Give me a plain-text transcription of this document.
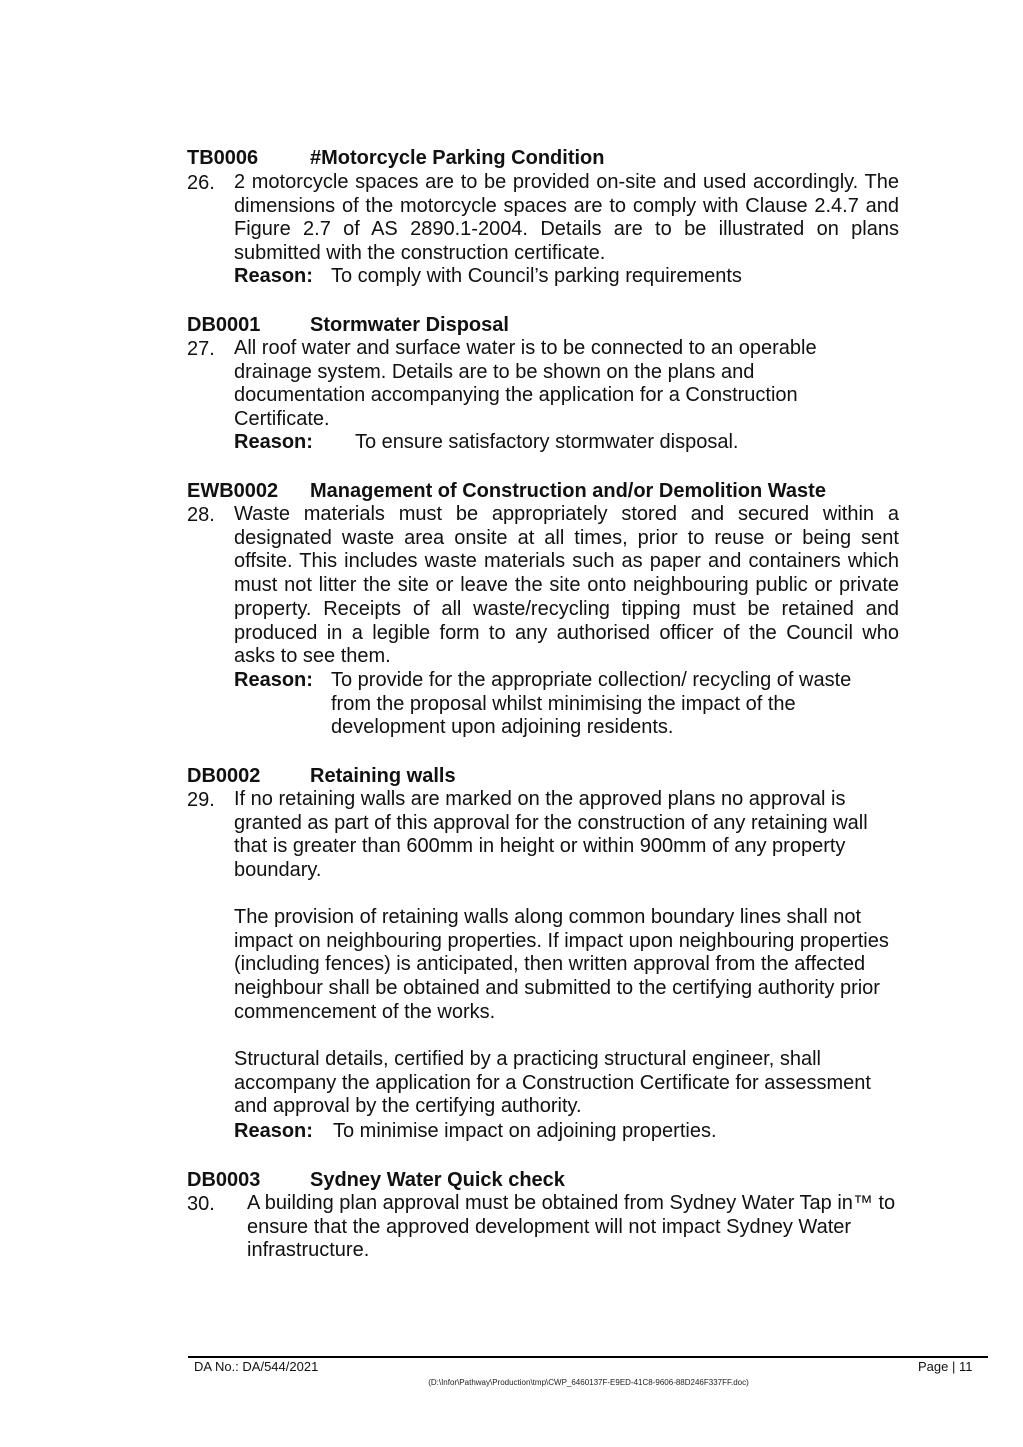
TB0006	#Motorcycle Parking Condition
26. 2 motorcycle spaces are to be provided on-site and used accordingly. The dimensions of the motorcycle spaces are to comply with Clause 2.4.7 and Figure 2.7 of AS 2890.1-2004. Details are to be illustrated on plans submitted with the construction certificate.
Reason: To comply with Council’s parking requirements
DB0001 Stormwater Disposal
27. All roof water and surface water is to be connected to an operable drainage system. Details are to be shown on the plans and documentation accompanying the application for a Construction Certificate.
Reason: To ensure satisfactory stormwater disposal.
EWB0002 Management of Construction and/or Demolition Waste
28. Waste materials must be appropriately stored and secured within a designated waste area onsite at all times, prior to reuse or being sent offsite. This includes waste materials such as paper and containers which must not litter the site or leave the site onto neighbouring public or private property. Receipts of all waste/recycling tipping must be retained and produced in a legible form to any authorised officer of the Council who asks to see them.
Reason: To provide for the appropriate collection/ recycling of waste from the proposal whilst minimising the impact of the development upon adjoining residents.
DB0002 Retaining walls
29. If no retaining walls are marked on the approved plans no approval is granted as part of this approval for the construction of any retaining wall that is greater than 600mm in height or within 900mm of any property boundary.
The provision of retaining walls along common boundary lines shall not impact on neighbouring properties. If impact upon neighbouring properties (including fences) is anticipated, then written approval from the affected neighbour shall be obtained and submitted to the certifying authority prior commencement of the works.
Structural details, certified by a practicing structural engineer, shall accompany the application for a Construction Certificate for assessment and approval by the certifying authority.
Reason: To minimise impact on adjoining properties.
DB0003 Sydney Water Quick check
30. A building plan approval must be obtained from Sydney Water Tap in™ to ensure that the approved development will not impact Sydney Water infrastructure.
DA No.: DA/544/2021	Page | 11
(D:\Infor\Pathway\Production\tmp\CWP_6460137F-E9ED-41C8-9606-88D246F337FF.doc)
